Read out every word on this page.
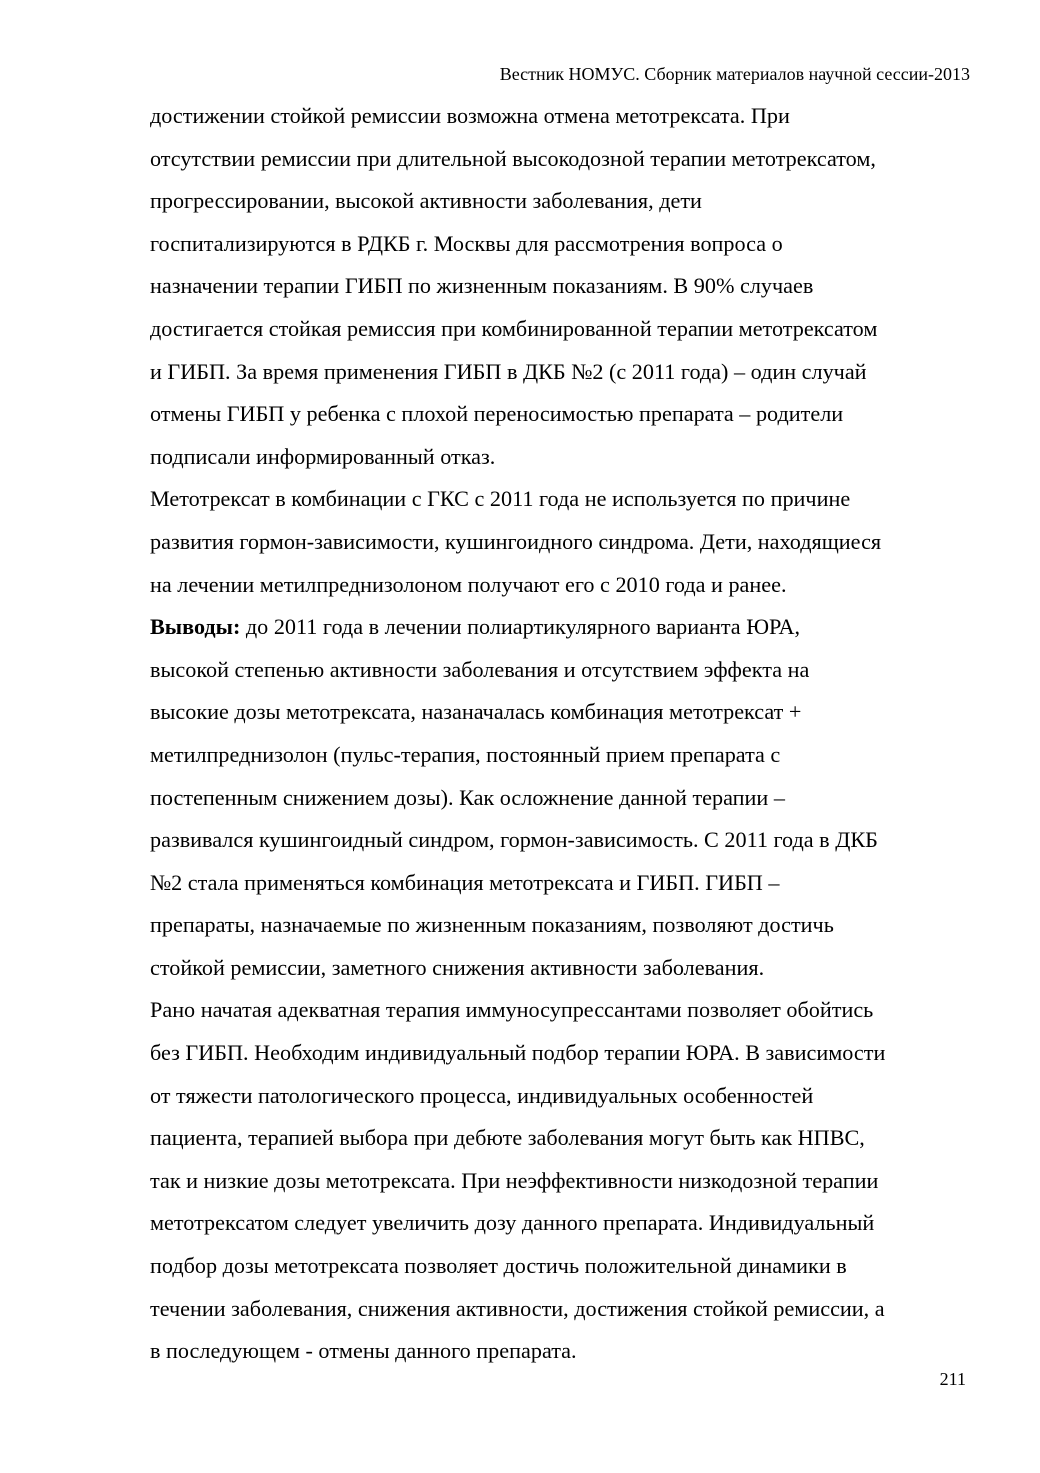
Вестник НОМУС. Сборник материалов научной сессии-2013
достижении стойкой ремиссии возможна отмена метотрексата. При
отсутствии ремиссии при длительной высокодозной терапии метотрексатом,
прогрессировании, высокой активности заболевания, дети
госпитализируются в РДКБ г. Москвы для рассмотрения вопроса о
назначении терапии ГИБП по жизненным показаниям. В 90% случаев
достигается стойкая ремиссия при комбинированной терапии метотрексатом
и ГИБП. За время применения ГИБП в ДКБ №2 (с 2011 года) – один случай
отмены ГИБП у ребенка с плохой переносимостью препарата – родители
подписали информированный отказ.
Метотрексат в комбинации с ГКС с 2011 года не используется по причине
развития гормон-зависимости, кушингоидного синдрома. Дети, находящиеся
на лечении метилпреднизолоном получают его с 2010 года и ранее.
Выводы: до 2011 года в лечении полиартикулярного варианта ЮРА,
высокой степенью активности заболевания и отсутствием эффекта на
высокие дозы метотрексата, назаначалась комбинация метотрексат +
метилпреднизолон (пульс-терапия, постоянный прием препарата с
постепенным снижением дозы). Как осложнение данной терапии –
развивался кушингоидный синдром, гормон-зависимость. С 2011 года в ДКБ
№2 стала применяться комбинация метотрексата и ГИБП. ГИБП –
препараты, назначаемые по жизненным показаниям, позволяют достичь
стойкой ремиссии, заметного снижения активности заболевания.
Рано начатая адекватная терапия иммуносупрессантами позволяет обойтись
без ГИБП. Необходим индивидуальный подбор терапии ЮРА. В зависимости
от тяжести патологического процесса, индивидуальных особенностей
пациента, терапией выбора при дебюте заболевания могут быть как НПВС,
так и низкие дозы метотрексата. При неэффективности низкодозной терапии
метотрексатом следует увеличить дозу данного препарата. Индивидуальный
подбор дозы метотрексата позволяет достичь положительной динамики в
течении заболевания, снижения активности, достижения стойкой ремиссии, а
в последующем - отмены данного препарата.
211
